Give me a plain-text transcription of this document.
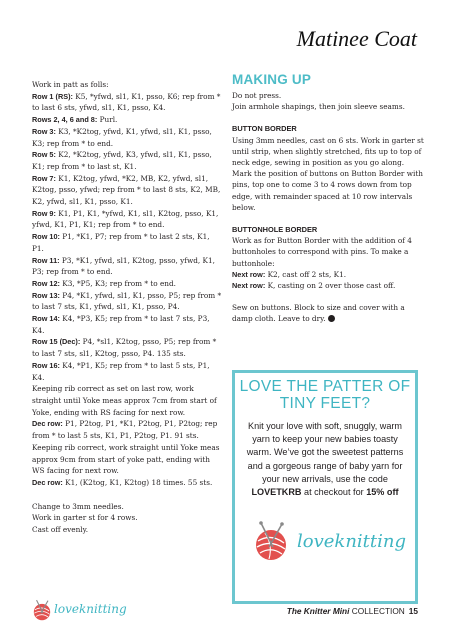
Matinee Coat

Work in patt as folls:

Row 1 (RS): K5, *yfwd, sl1, K1, psso, K6; rep from * to last 6 sts, yfwd, sl1, K1, psso, K4.

Rows 2, 4, 6 and 8: Purl.

Row 3: K3, *K2tog, yfwd, K1, yfwd, sl1, K1, psso, K3; rep from * to end.

Row 5: K2, *K2tog, yfwd, K3, yfwd, sl1, K1, psso, K1; rep from * to last st, K1.

Row 7: K1, K2tog, yfwd, *K2, MB, K2, yfwd, sl1, K2tog, psso, yfwd; rep from * to last 8 sts, K2, MB, K2, yfwd, sl1, K1, psso, K1.

Row 9: K1, P1, K1, *yfwd, K1, sl1, K2tog, psso, K1, yfwd, K1, P1, K1; rep from * to end.

Row 10: P1, *K1, P7; rep from * to last 2 sts, K1, P1.

Row 11: P3, *K1, yfwd, sl1, K2tog, psso, yfwd, K1, P3; rep from * to end.

Row 12: K3, *P5, K3; rep from * to end.

Row 13: P4, *K1, yfwd, sl1, K1, psso, P5; rep from * to last 7 sts, K1, yfwd, sl1, K1, psso, P4.

Row 14: K4, *P3, K5; rep from * to last 7 sts, P3, K4.

Row 15 (Dec): P4, *sl1, K2tog, psso, P5; rep from * to last 7 sts, sl1, K2tog, psso, P4. 135 sts.

Row 16: K4, *P1, K5; rep from * to last 5 sts, P1, K4.

Keeping rib correct as set on last row, work straight until Yoke meas approx 7cm from start of Yoke, ending with RS facing for next row.

Dec row: P1, P2tog, P1, *K1, P2tog, P1, P2tog; rep from * to last 5 sts, K1, P1, P2tog, P1. 91 sts.

Keeping rib correct, work straight until Yoke meas approx 9cm from start of yoke patt, ending with WS facing for next row.

Dec row: K1, (K2tog, K1, K2tog) 18 times. 55 sts.

Change to 3mm needles.

Work in garter st for 4 rows.

Cast off evenly.

MAKING UP

Do not press.

Join armhole shapings, then join sleeve seams.

BUTTON BORDER

Using 3mm needles, cast on 6 sts. Work in garter st until strip, when slightly stretched, fits up to top of neck edge, sewing in position as you go along. Mark the position of buttons on Button Border with pins, top one to come 3 to 4 rows down from top edge, with remainder spaced at 10 row intervals below.

BUTTONHOLE BORDER

Work as for Button Border with the addition of 4 buttonholes to correspond with pins. To make a buttonhole:

Next row: K2, cast off 2 sts, K1.

Next row: K, casting on 2 over those cast off.

Sew on buttons. Block to size and cover with a damp cloth. Leave to dry.

LOVE THE PATTER OF TINY FEET?
Knit your love with soft, snuggly, warm yarn to keep your new babies toasty warm. We’ve got the sweetest patterns and a gorgeous range of baby yarn for your new arrivals, use the code LOVETKRB at checkout for 15% off
loveknitting
loveknitting	The Knitter Mini COLLECTION 15
